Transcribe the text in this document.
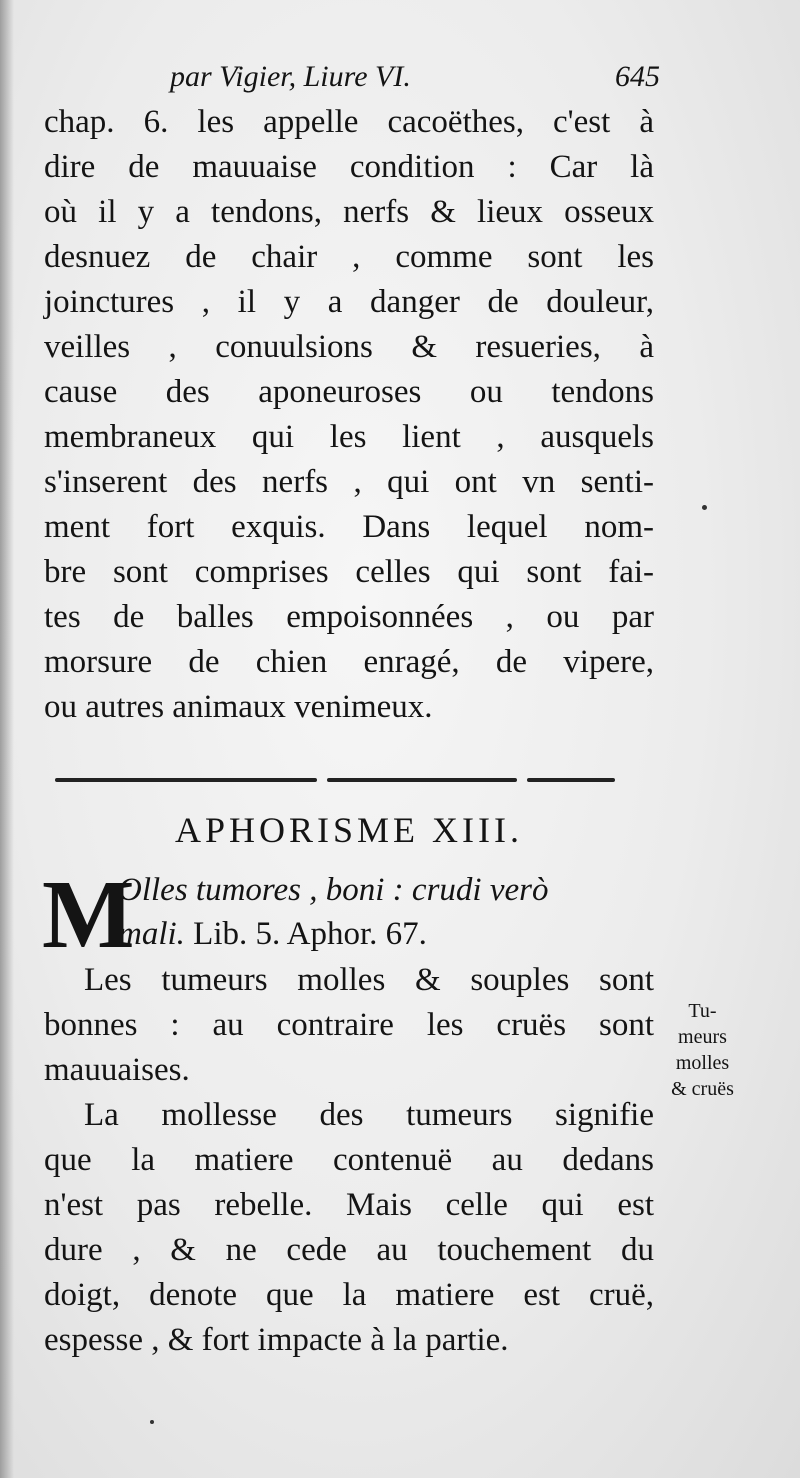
par Vigier, Liure VI.	645
chap. 6. les appelle cacoëthes, c'est à
dire de mauuaise condition : Car là
où il y a tendons, nerfs & lieux osseux
desnuez de chair , comme sont les
joinctures , il y a danger de douleur,
veilles , conuulsions & resueries, à
cause des aponeuroses ou tendons
membraneux qui les lient , ausquels
s'inserent des nerfs , qui ont vn senti-
ment fort exquis. Dans lequel nom-
bre sont comprises celles qui sont fai-
tes de balles empoisonnées , ou par
morsure de chien enragé, de vipere,
ou autres animaux venimeux.
APHORISME XIII.
M
Olles tumores , boni : crudi verò
mali. Lib. 5. Aphor. 67.
Les tumeurs molles & souples sont
bonnes : au contraire les cruës sont
mauuaises.
La mollesse des tumeurs signifie
que la matiere contenuë au dedans
n'est pas rebelle. Mais celle qui est
dure , & ne cede au touchement du
doigt, denote que la matiere est cruë,
espesse , & fort impacte à la partie.
Tu-
meurs
molles
& cruës
